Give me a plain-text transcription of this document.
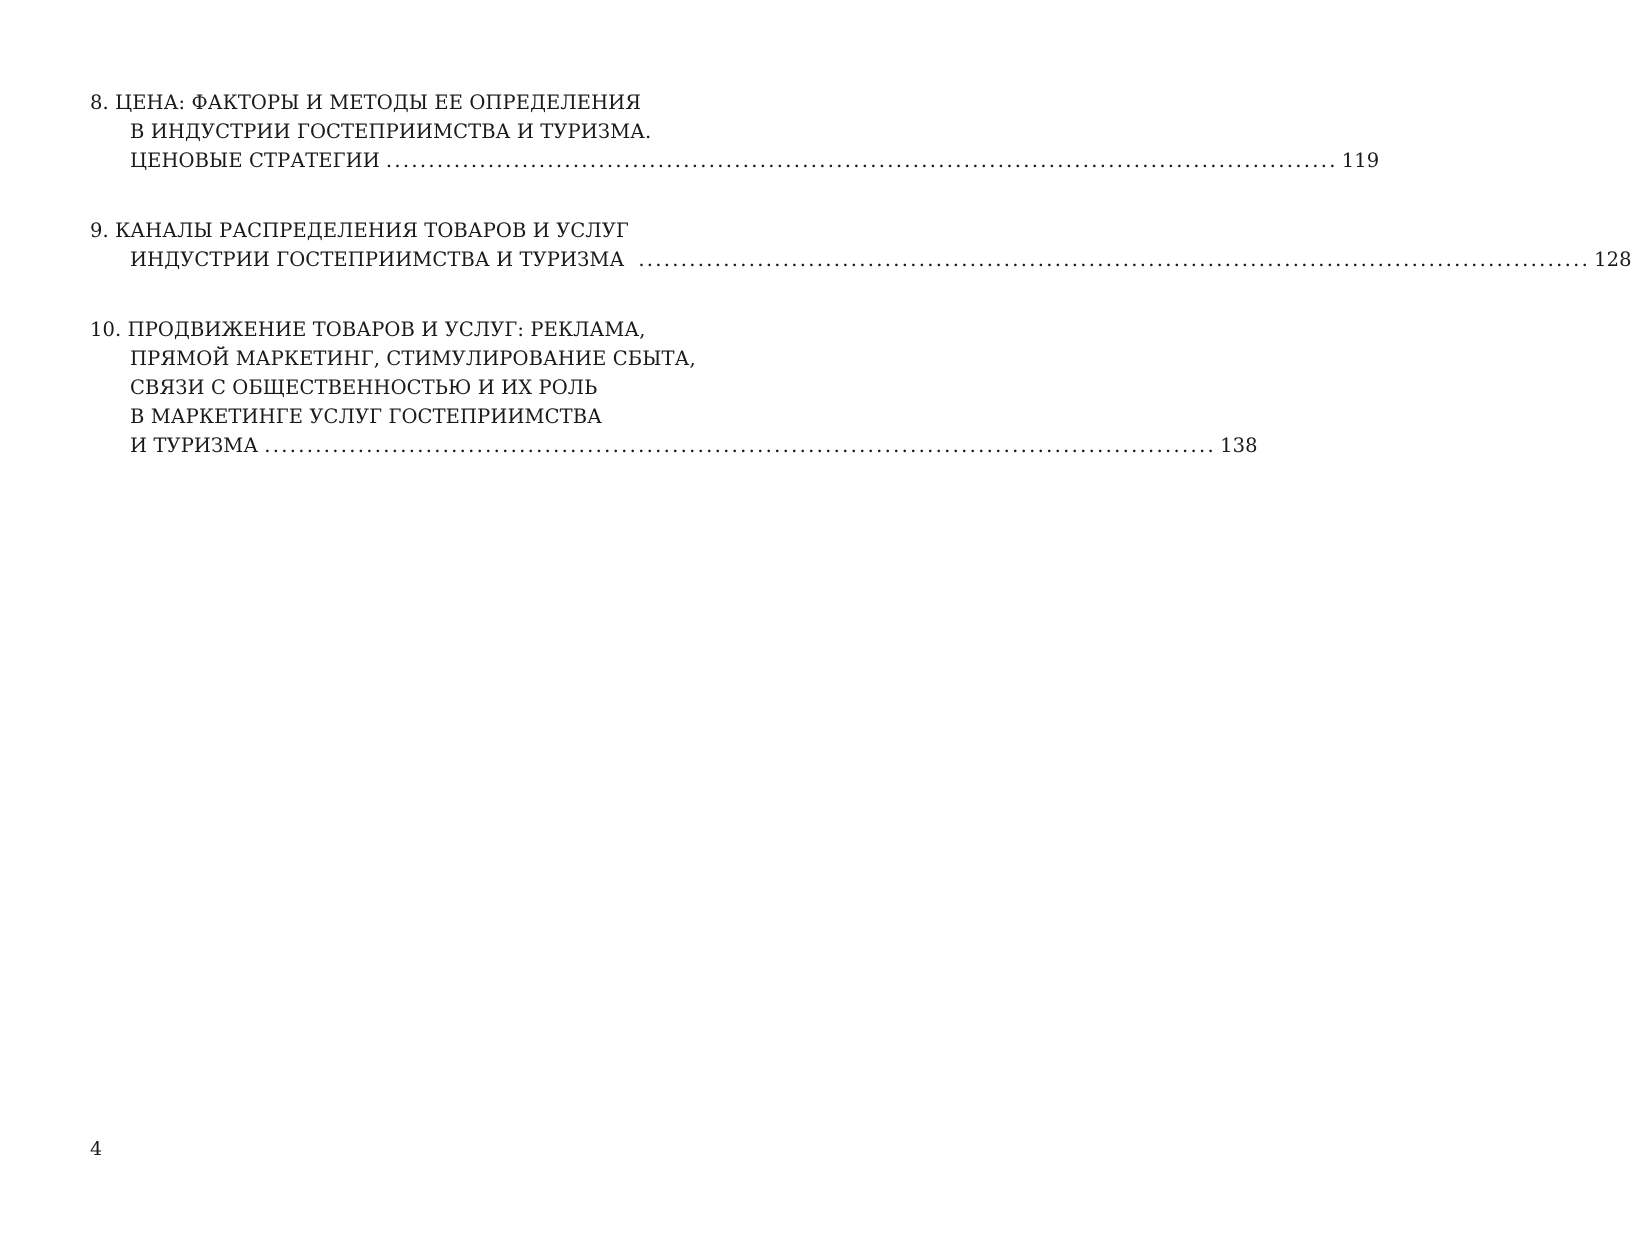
8. ЦЕНА: ФАКТОРЫ И МЕТОДЫ ЕЕ ОПРЕДЕЛЕНИЯ
В ИНДУСТРИИ ГОСТЕПРИИМСТВА И ТУРИЗМА.
ЦЕНОВЫЕ СТРАТЕГИИ ................................................................................................................ 119
9. КАНАЛЫ РАСПРЕДЕЛЕНИЯ ТОВАРОВ И УСЛУГ
ИНДУСТРИИ ГОСТЕПРИИМСТВА И ТУРИЗМА ................................................................................................................ 128
10. ПРОДВИЖЕНИЕ ТОВАРОВ И УСЛУГ: РЕКЛАМА,
ПРЯМОЙ МАРКЕТИНГ, СТИМУЛИРОВАНИЕ СБЫТА,
СВЯЗИ С ОБЩЕСТВЕННОСТЬЮ И ИХ РОЛЬ
В МАРКЕТИНГЕ УСЛУГ ГОСТЕПРИИМСТВА
И ТУРИЗМА ................................................................................................................ 138
4
